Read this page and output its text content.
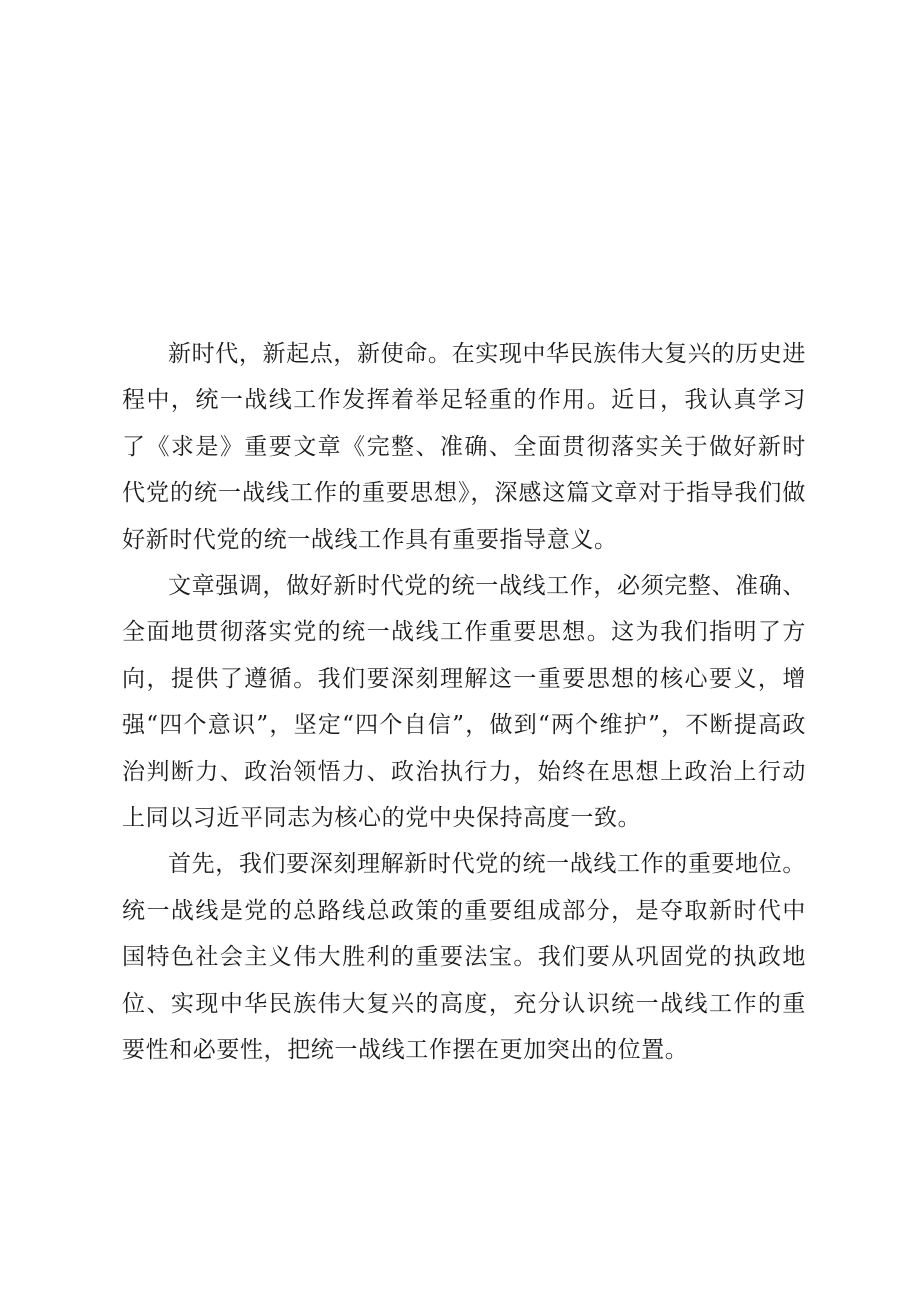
新时代，新起点，新使命。在实现中华民族伟大复兴的历史进程中，统一战线工作发挥着举足轻重的作用。近日，我认真学习了《求是》重要文章《完整、准确、全面贯彻落实关于做好新时代党的统一战线工作的重要思想》，深感这篇文章对于指导我们做好新时代党的统一战线工作具有重要指导意义。

文章强调，做好新时代党的统一战线工作，必须完整、准确、全面地贯彻落实党的统一战线工作重要思想。这为我们指明了方向，提供了遵循。我们要深刻理解这一重要思想的核心要义，增强“四个意识”，坚定“四个自信”，做到“两个维护”，不断提高政治判断力、政治领悟力、政治执行力，始终在思想上政治上行动上同以习近平同志为核心的党中央保持高度一致。

首先，我们要深刻理解新时代党的统一战线工作的重要地位。统一战线是党的总路线总政策的重要组成部分，是夺取新时代中国特色社会主义伟大胜利的重要法宝。我们要从巩固党的执政地位、实现中华民族伟大复兴的高度，充分认识统一战线工作的重要性和必要性，把统一战线工作摆在更加突出的位置。
